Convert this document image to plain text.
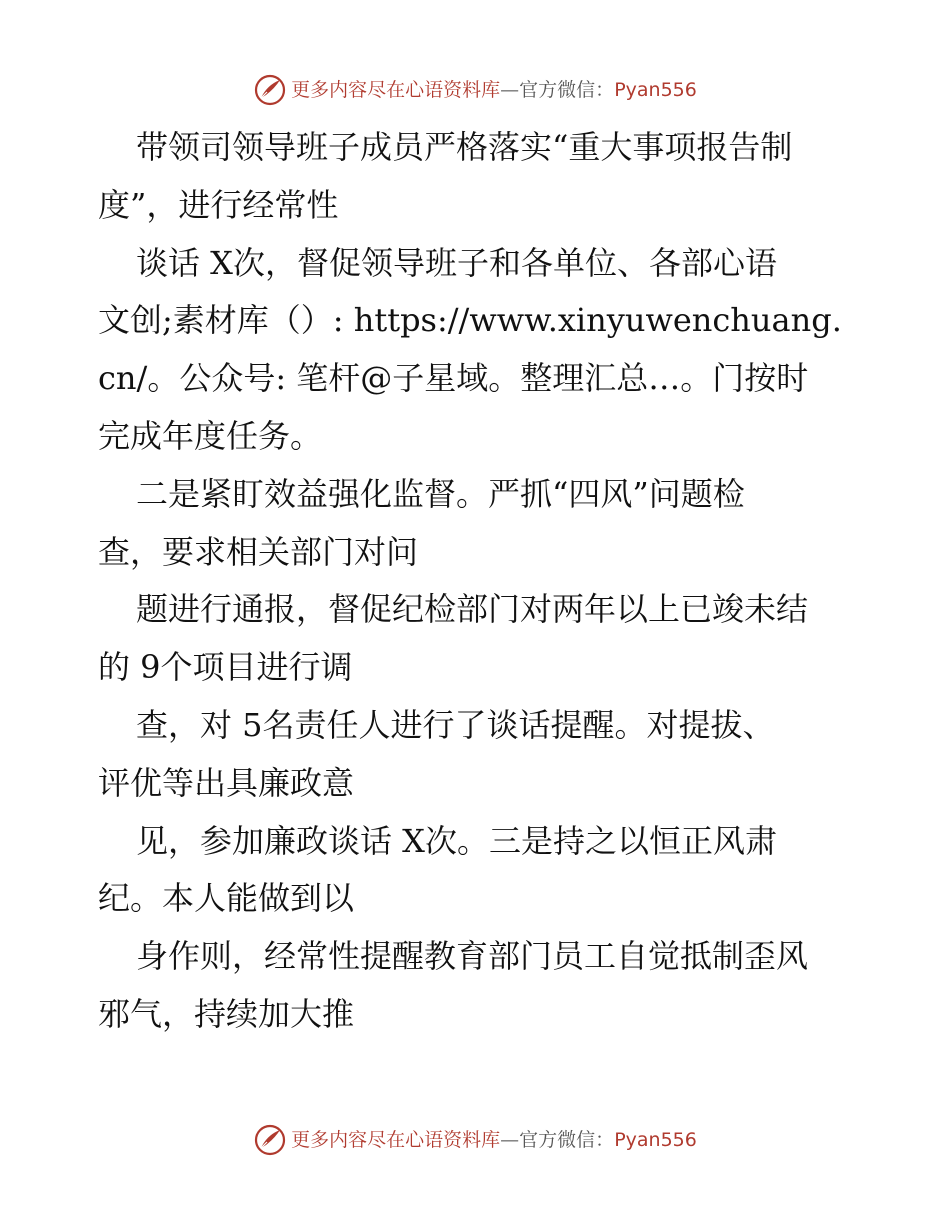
更多内容尽在心语资料库 — 官方微信： Pyan556
带领司领导班子成员严格落实“重大事项报告制
度”，进行经常性
谈话 X次，督促领导班子和各单位、各部心语
文创;素材库（）: https://www.xinyuwenchuang.
cn/。公众号: 笔杆@子星域。整理汇总…。门按时
完成年度任务。
二是紧盯效益强化监督。严抓“四风”问题检
查，要求相关部门对问
题进行通报，督促纪检部门对两年以上已竣未结
的 9个项目进行调
查，对 5名责任人进行了谈话提醒。对提拔、
评优等出具廉政意
见，参加廉政谈话 X次。三是持之以恒正风肃
纪。本人能做到以
身作则，经常性提醒教育部门员工自觉抵制歪风
邪气，持续加大推
更多内容尽在心语资料库 — 官方微信： Pyan556
